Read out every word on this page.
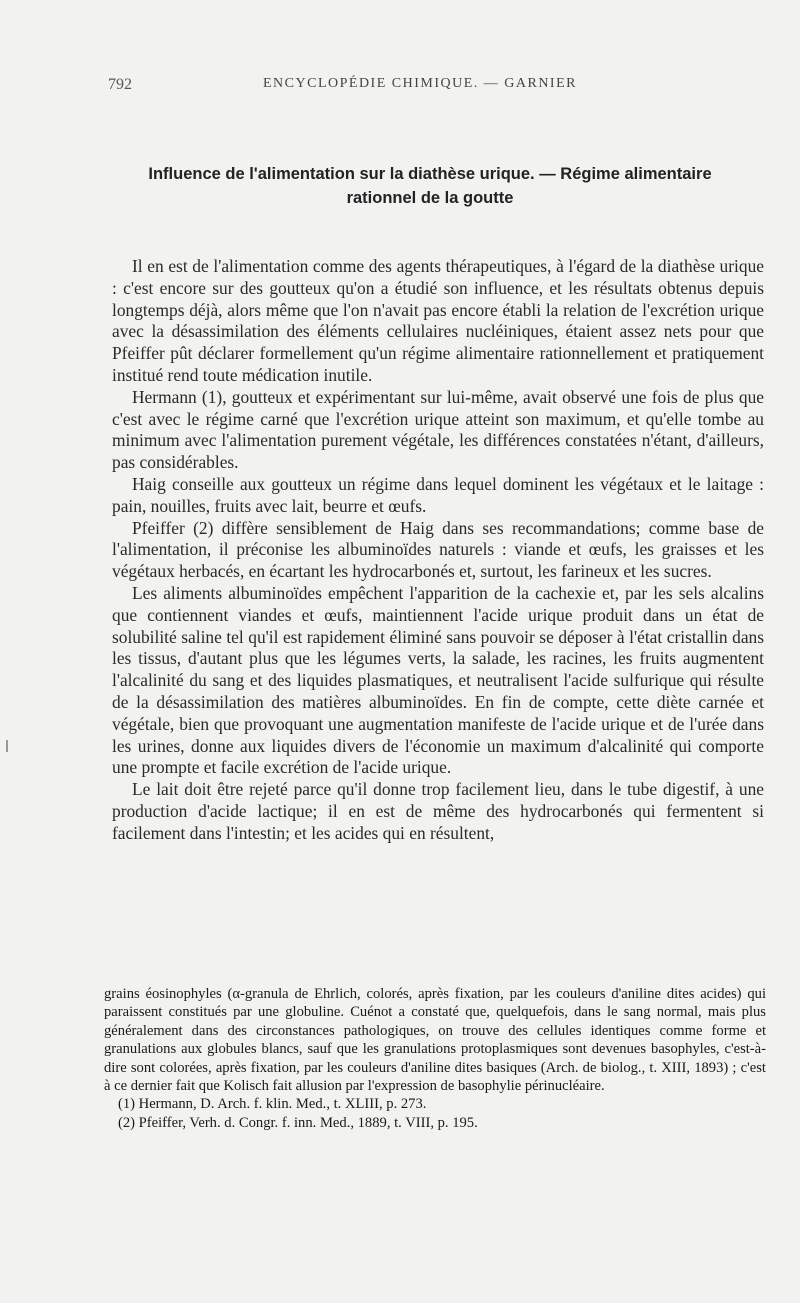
792	ENCYCLOPÉDIE CHIMIQUE. — GARNIER
Influence de l'alimentation sur la diathèse urique. — Régime alimentaire
rationnel de la goutte

Il en est de l'alimentation comme des agents thérapeutiques, à l'égard de la diathèse urique : c'est encore sur des goutteux qu'on a étudié son influence, et les résultats obtenus depuis longtemps déjà, alors même que l'on n'avait pas encore établi la relation de l'excrétion urique avec la désassimilation des éléments cellulaires nucléiniques, étaient assez nets pour que Pfeiffer pût déclarer formellement qu'un régime alimentaire rationnellement et pratiquement institué rend toute médication inutile.

Hermann (1), goutteux et expérimentant sur lui-même, avait observé une fois de plus que c'est avec le régime carné que l'excrétion urique atteint son maximum, et qu'elle tombe au minimum avec l'alimentation purement végétale, les différences constatées n'étant, d'ailleurs, pas considérables.

Haig conseille aux goutteux un régime dans lequel dominent les végétaux et le laitage : pain, nouilles, fruits avec lait, beurre et œufs.

Pfeiffer (2) diffère sensiblement de Haig dans ses recommandations; comme base de l'alimentation, il préconise les albuminoïdes naturels : viande et œufs, les graisses et les végétaux herbacés, en écartant les hydrocarbonés et, surtout, les farineux et les sucres.

Les aliments albuminoïdes empêchent l'apparition de la cachexie et, par les sels alcalins que contiennent viandes et œufs, maintiennent l'acide urique produit dans un état de solubilité saline tel qu'il est rapidement éliminé sans pouvoir se déposer à l'état cristallin dans les tissus, d'autant plus que les légumes verts, la salade, les racines, les fruits augmentent l'alcalinité du sang et des liquides plasmatiques, et neutralisent l'acide sulfurique qui résulte de la désassimilation des matières albuminoïdes. En fin de compte, cette diète carnée et végétale, bien que provoquant une augmentation manifeste de l'acide urique et de l'urée dans les urines, donne aux liquides divers de l'économie un maximum d'alcalinité qui comporte une prompte et facile excrétion de l'acide urique.

Le lait doit être rejeté parce qu'il donne trop facilement lieu, dans le tube digestif, à une production d'acide lactique; il en est de même des hydrocarbonés qui fermentent si facilement dans l'intestin; et les acides qui en résultent,

grains éosinophyles (α-granula de Ehrlich, colorés, après fixation, par les couleurs d'aniline dites acides) qui paraissent constitués par une globuline. Cuénot a constaté que, quelquefois, dans le sang normal, mais plus généralement dans des circonstances pathologiques, on trouve des cellules identiques comme forme et granulations aux globules blancs, sauf que les granulations protoplasmiques sont devenues basophyles, c'est-à-dire sont colorées, après fixation, par les couleurs d'aniline dites basiques (Arch. de biolog., t. XIII, 1893) ; c'est à ce dernier fait que Kolisch fait allusion par l'expression de basophylie périnucléaire.

(1) Hermann, D. Arch. f. klin. Med., t. XLIII, p. 273.

(2) Pfeiffer, Verh. d. Congr. f. inn. Med., 1889, t. VIII, p. 195.
